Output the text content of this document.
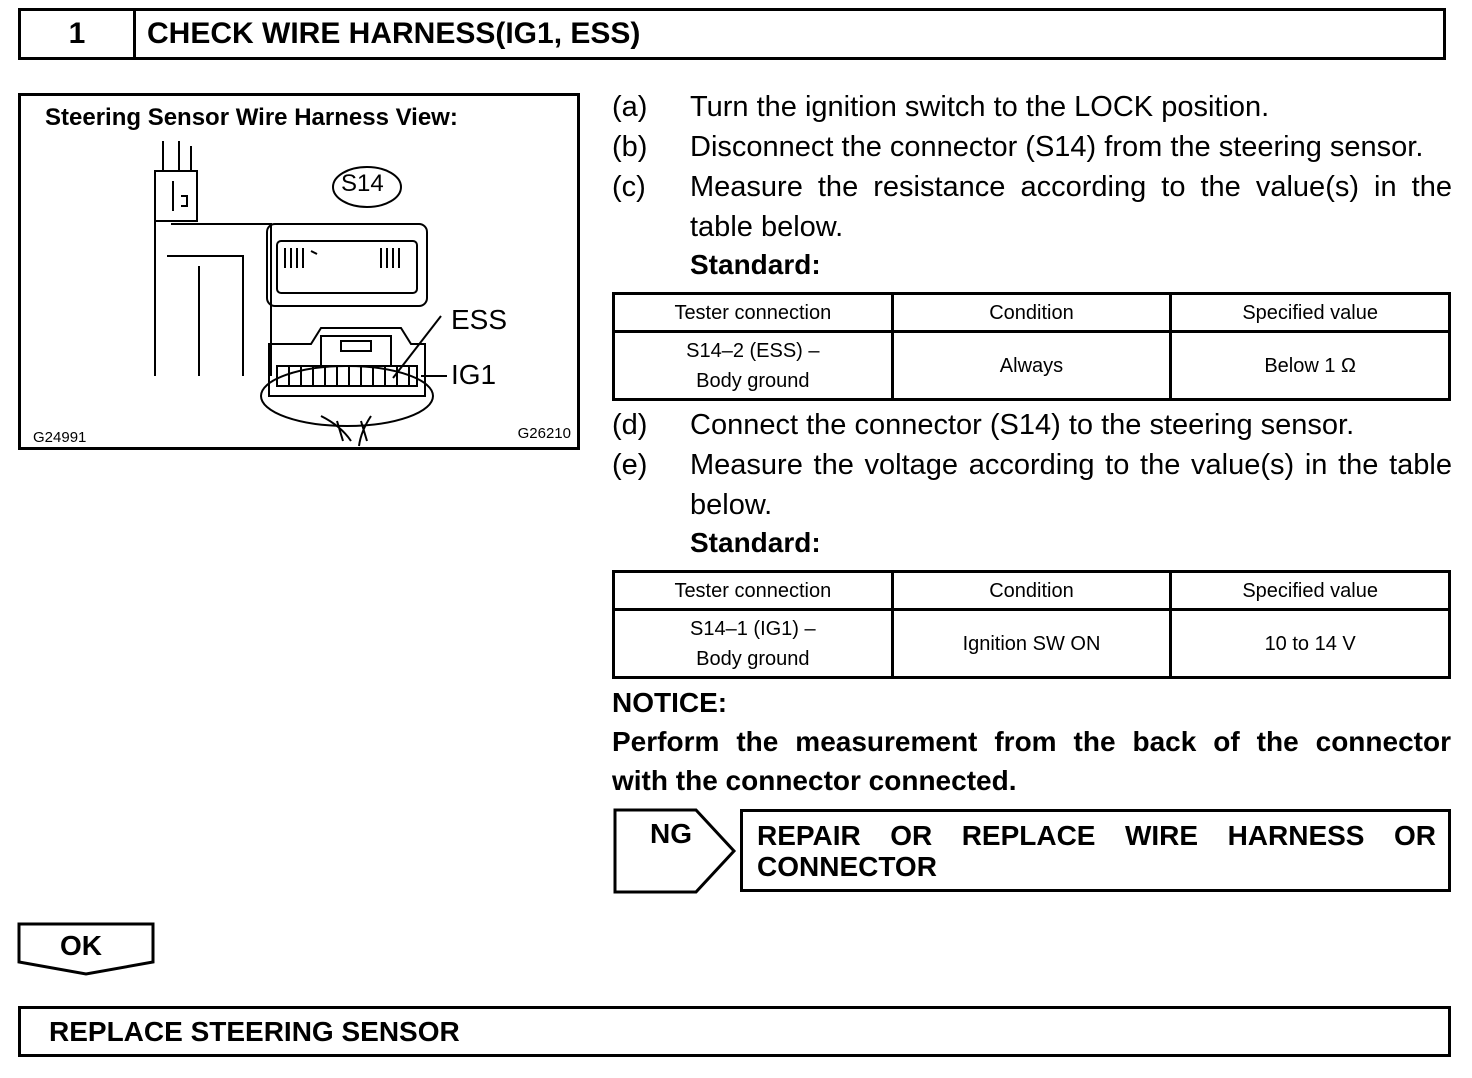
1	CHECK WIRE HARNESS(IG1, ESS)
Steering Sensor Wire Harness View:
S14
ESS
IG1
G24991	G26210
(a) Turn the ignition switch to the LOCK position.
(b) Disconnect the connector (S14) from the steering sensor.
(c) Measure the resistance according to the value(s) in the table below.
Standard:
Tester connection	Condition	Specified value

S14–2 (ESS) –
Body ground	Always	Below 1 Ω
(d) Connect the connector (S14) to the steering sensor.
(e) Measure the voltage according to the value(s) in the table below.
Standard:
Tester connection	Condition	Specified value

S14–1 (IG1) –
Body ground	Ignition SW ON	10 to 14 V
NOTICE:
Perform the measurement from the back of the connector
with the connector connected.
NG REPAIR OR REPLACE WIRE HARNESS OR
CONNECTOR
OK
REPLACE STEERING SENSOR
